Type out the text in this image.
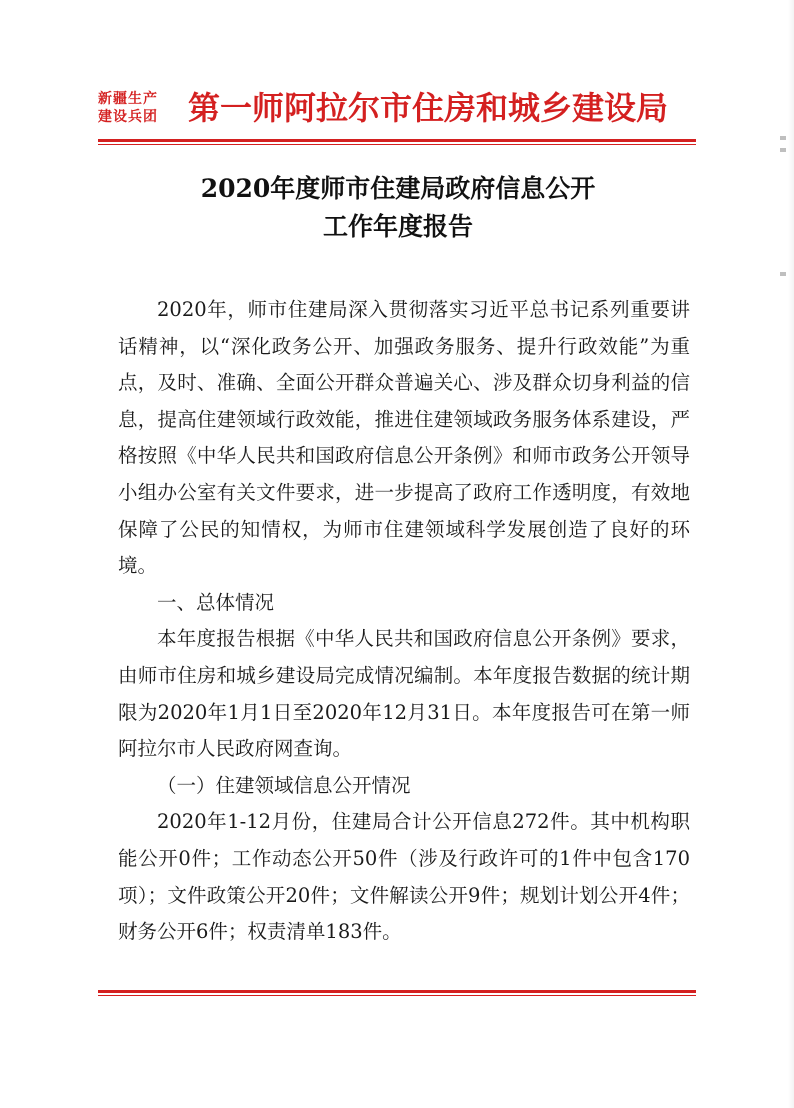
新疆生产
建设兵团 第一师阿拉尔市住房和城乡建设局
2020年度师市住建局政府信息公开
工作年度报告

2020年，师市住建局深入贯彻落实习近平总书记系列重要讲话精神，以“深化政务公开、加强政务服务、提升行政效能”为重点，及时、准确、全面公开群众普遍关心、涉及群众切身利益的信息，提高住建领域行政效能，推进住建领域政务服务体系建设，严格按照《中华人民共和国政府信息公开条例》和师市政务公开领导小组办公室有关文件要求，进一步提高了政府工作透明度，有效地保障了公民的知情权，为师市住建领域科学发展创造了良好的环境。

一、总体情况

本年度报告根据《中华人民共和国政府信息公开条例》要求，由师市住房和城乡建设局完成情况编制。本年度报告数据的统计期限为2020年1月1日至2020年12月31日。本年度报告可在第一师阿拉尔市人民政府网查询。

（一）住建领域信息公开情况

2020年1-12月份，住建局合计公开信息272件。其中机构职能公开0件；工作动态公开50件（涉及行政许可的1件中包含170项）；文件政策公开20件；文件解读公开9件；规划计划公开4件；财务公开6件；权责清单183件。
